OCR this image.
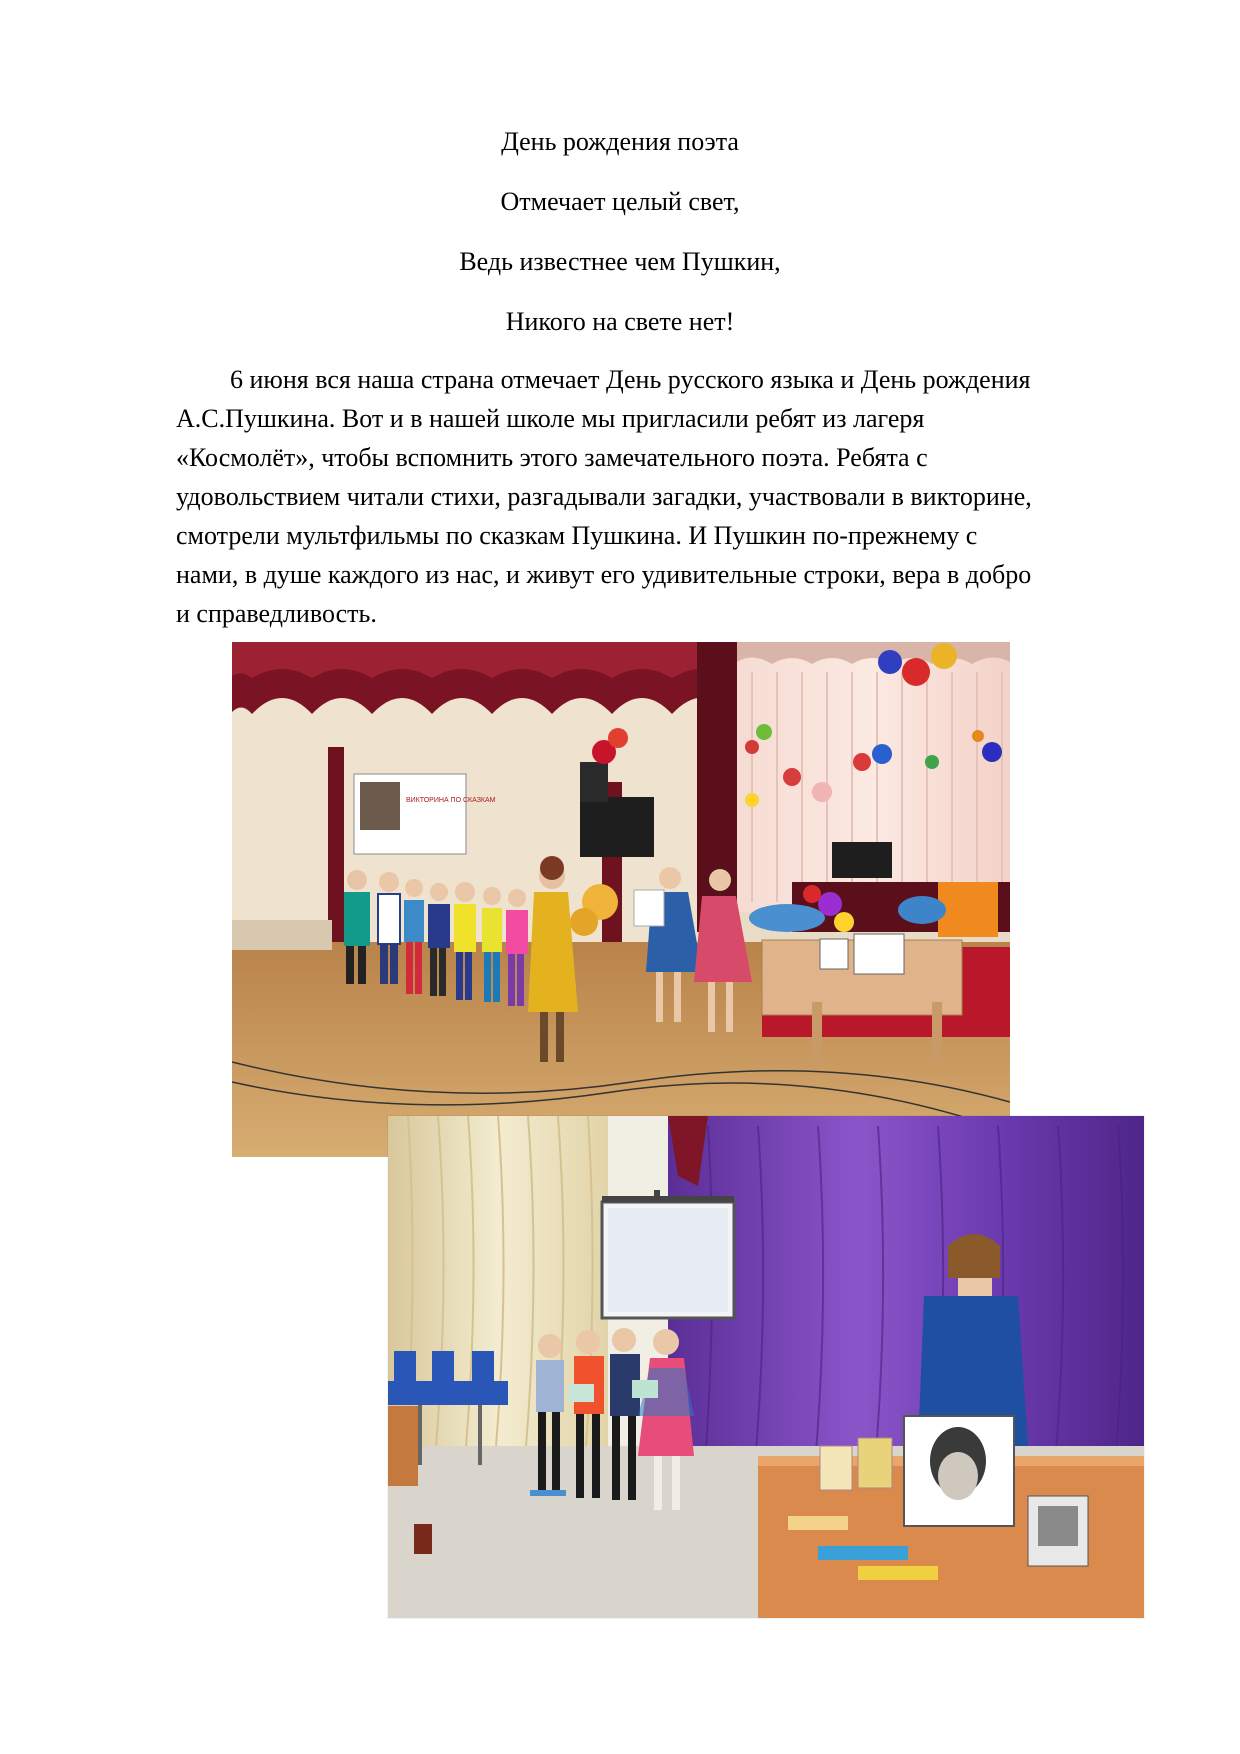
День рождения поэта

Отмечает целый свет,

Ведь известнее чем Пушкин,

Никого на свете нет!

6 июня вся наша страна отмечает День русского языка и День рождения
А.С.Пушкина. Вот и в нашей школе мы пригласили ребят из лагеря
«Космолёт», чтобы вспомнить этого замечательного поэта. Ребята с
удовольствием читали стихи, разгадывали загадки, участвовали в викторине,
смотрели мультфильмы по сказкам Пушкина. И Пушкин по-прежнему с
нами, в душе каждого из нас, и живут его удивительные строки, вера в добро
и справедливость.
ВИКТОРИНА ПО СКАЗКАМ
